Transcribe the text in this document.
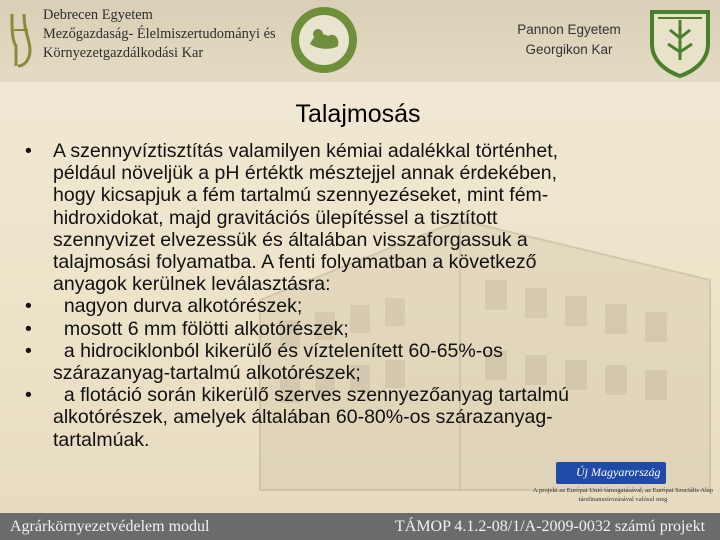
Debrecen Egyetem
Mezőgazdaság- Élelmiszertudományi és
Környezetgazdálkodási Kar
Pannon Egyetem
Georgikon Kar
Talajmosás
• A szennyvíztisztítás valamilyen kémiai adalékkal történhet,
például növeljük a pH értéktk mésztejjel annak érdekében,
hogy kicsapjuk a fém tartalmú szennyezéseket, mint fém-
hidroxidokat, majd gravitációs ülepítéssel a tisztított
szennyvizet elvezessük és általában visszaforgassuk a
talajmosási folyamatba. A fenti folyamatban a következő
anyagok kerülnek leválasztásra:
• nagyon durva alkotórészek;
• mosott 6 mm fölötti alkotórészek;
• a hidrociklonból kikerülő és víztelenített 60-65%-os
szárazanyag-tartalmú alkotórészek;
• a flotáció során kikerülő szerves szennyezőanyag tartalmú
alkotórészek, amelyek általában 60-80%-os szárazanyag-
tartalmúak.
Új Magyarország
A projekt az Európai Unió támogatásával, az Európai Szociális Alap társfinanszírozásával valósul meg
Agrárkörnyezetvédelem modul	TÁMOP 4.1.2-08/1/A-2009-0032 számú projekt
